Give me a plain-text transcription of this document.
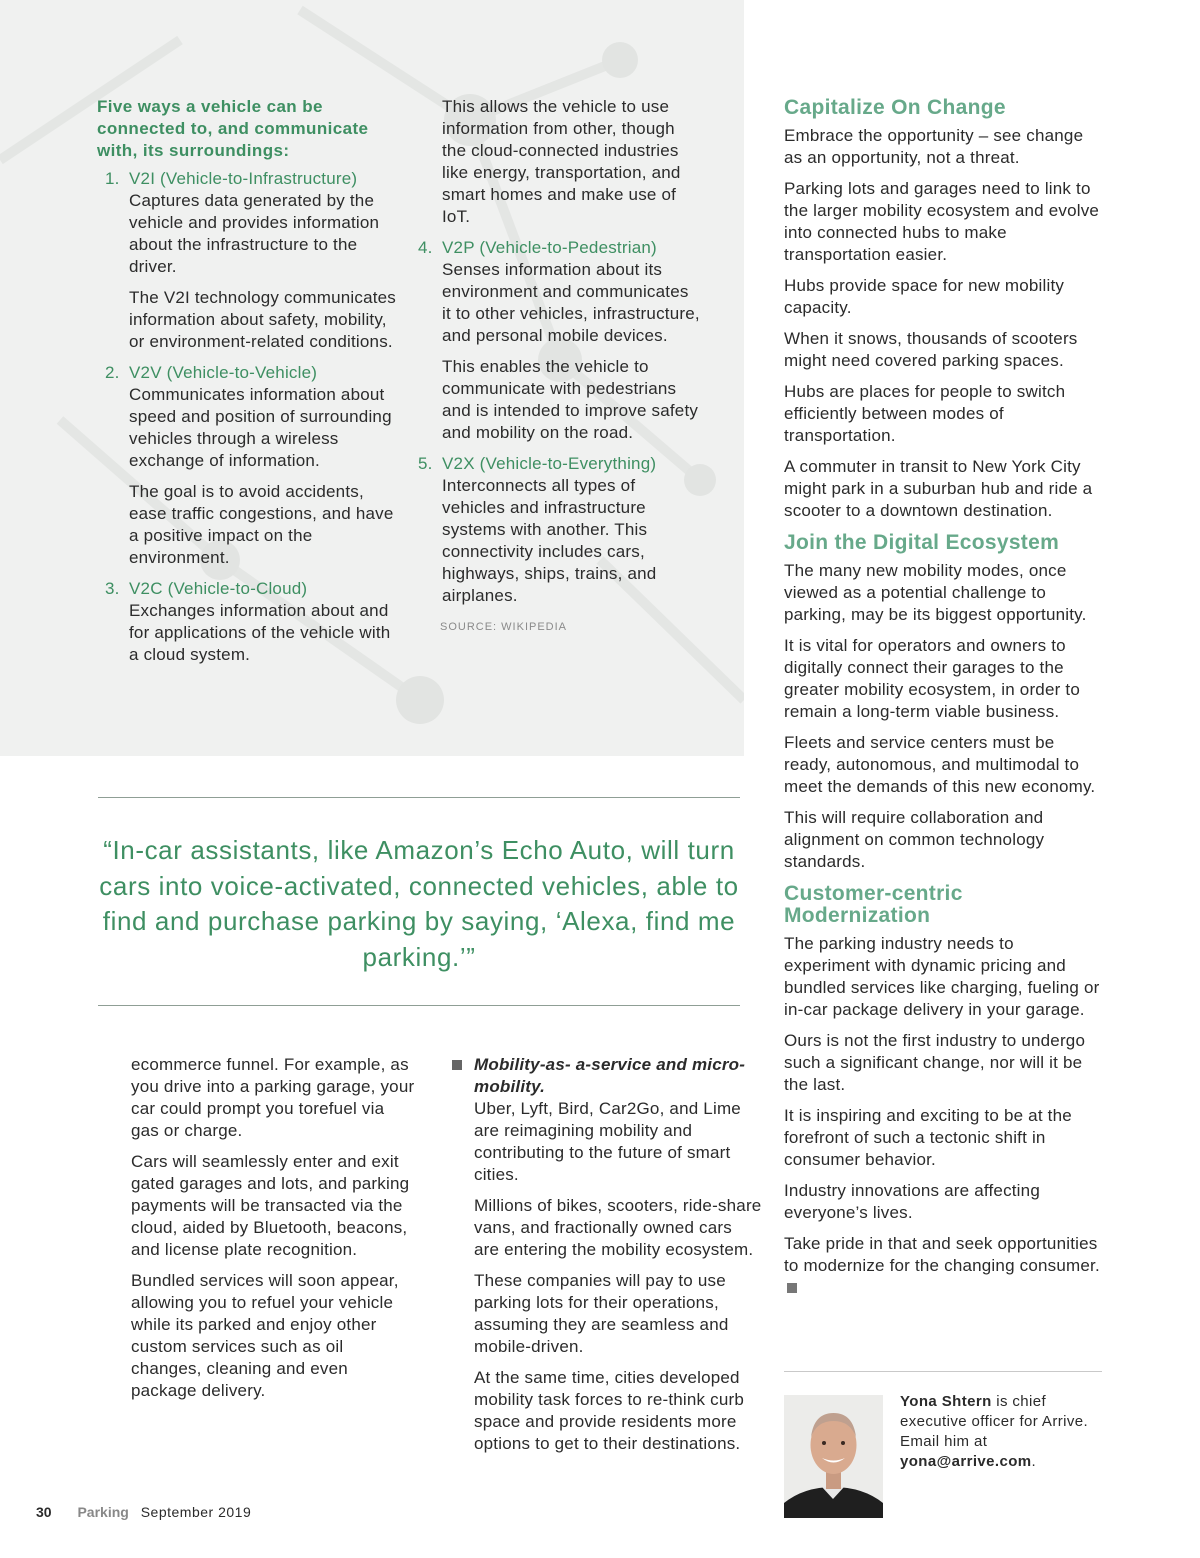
Five ways a vehicle can be connected to, and communicate with, its surroundings:
1. V2I (Vehicle-to-Infrastructure)

Captures data generated by the vehicle and provides information about the infrastructure to the driver.

The V2I technology communicates information about safety, mobility, or environment-related conditions.

2. V2V (Vehicle-to-Vehicle)

Communicates information about speed and position of surrounding vehicles through a wireless exchange of information.

The goal is to avoid accidents, ease traffic congestions, and have a positive impact on the environment.

3. V2C (Vehicle-to-Cloud)

Exchanges information about and for applications of the vehicle with a cloud system.

This allows the vehicle to use information from other, though the cloud-connected industries like energy, transportation, and smart homes and make use of IoT.

4. V2P (Vehicle-to-Pedestrian)

Senses information about its environment and communicates it to other vehicles, infrastructure, and personal mobile devices.

This enables the vehicle to communicate with pedestrians and is intended to improve safety and mobility on the road.

5. V2X (Vehicle-to-Everything)

Interconnects all types of vehicles and infrastructure systems with another. This connectivity includes cars, highways, ships, trains, and airplanes.

SOURCE: WIKIPEDIA
“In-car assistants, like Amazon’s Echo Auto, will turn cars into voice-activated, connected vehicles, able to find and purchase parking by saying, ‘Alexa, find me parking.’”

ecommerce funnel. For example, as you drive into a parking garage, your car could prompt you torefuel via gas or charge.

Cars will seamlessly enter and exit gated garages and lots, and parking payments will be transacted via the cloud, aided by Bluetooth, beacons, and license plate recognition.

Bundled services will soon appear, allowing you to refuel your vehicle while its parked and enjoy other custom services such as oil changes, cleaning and even package delivery.

Mobility-as- a-service and micro-mobility.

Uber, Lyft, Bird, Car2Go, and Lime are reimagining mobility and contributing to the future of smart cities.

Millions of bikes, scooters, ride-share vans, and fractionally owned cars are entering the mobility ecosystem.

These companies will pay to use parking lots for their operations, assuming they are seamless and mobile-driven.

At the same time, cities developed mobility task forces to re-think curb space and provide residents more options to get to their destinations.

Capitalize On Change

Embrace the opportunity – see change as an opportunity, not a threat.

Parking lots and garages need to link to the larger mobility ecosystem and evolve into connected hubs to make transportation easier.

Hubs provide space for new mobility capacity.

When it snows, thousands of scooters might need covered parking spaces.

Hubs are places for people to switch efficiently between modes of transportation.

A commuter in transit to New York City might park in a suburban hub and ride a scooter to a downtown destination.

Join the Digital Ecosystem

The many new mobility modes, once viewed as a potential challenge to parking, may be its biggest opportunity.

It is vital for operators and owners to digitally connect their garages to the greater mobility ecosystem, in order to remain a long-term viable business.

Fleets and service centers must be ready, autonomous, and multimodal to meet the demands of this new economy.

This will require collaboration and alignment on common technology standards.

Customer-centric Modernization

The parking industry needs to experiment with dynamic pricing and bundled services like charging, fueling or in-car package delivery in your garage.

Ours is not the first industry to undergo such a significant change, nor will it be the last.

It is inspiring and exciting to be at the forefront of such a tectonic shift in consumer behavior.

Industry innovations are affecting everyone’s lives.

Take pride in that and seek opportunities to modernize for the changing consumer.

Yona Shtern is chief executive officer for Arrive. Email him at yona@arrive.com.
30 Parking September 2019
